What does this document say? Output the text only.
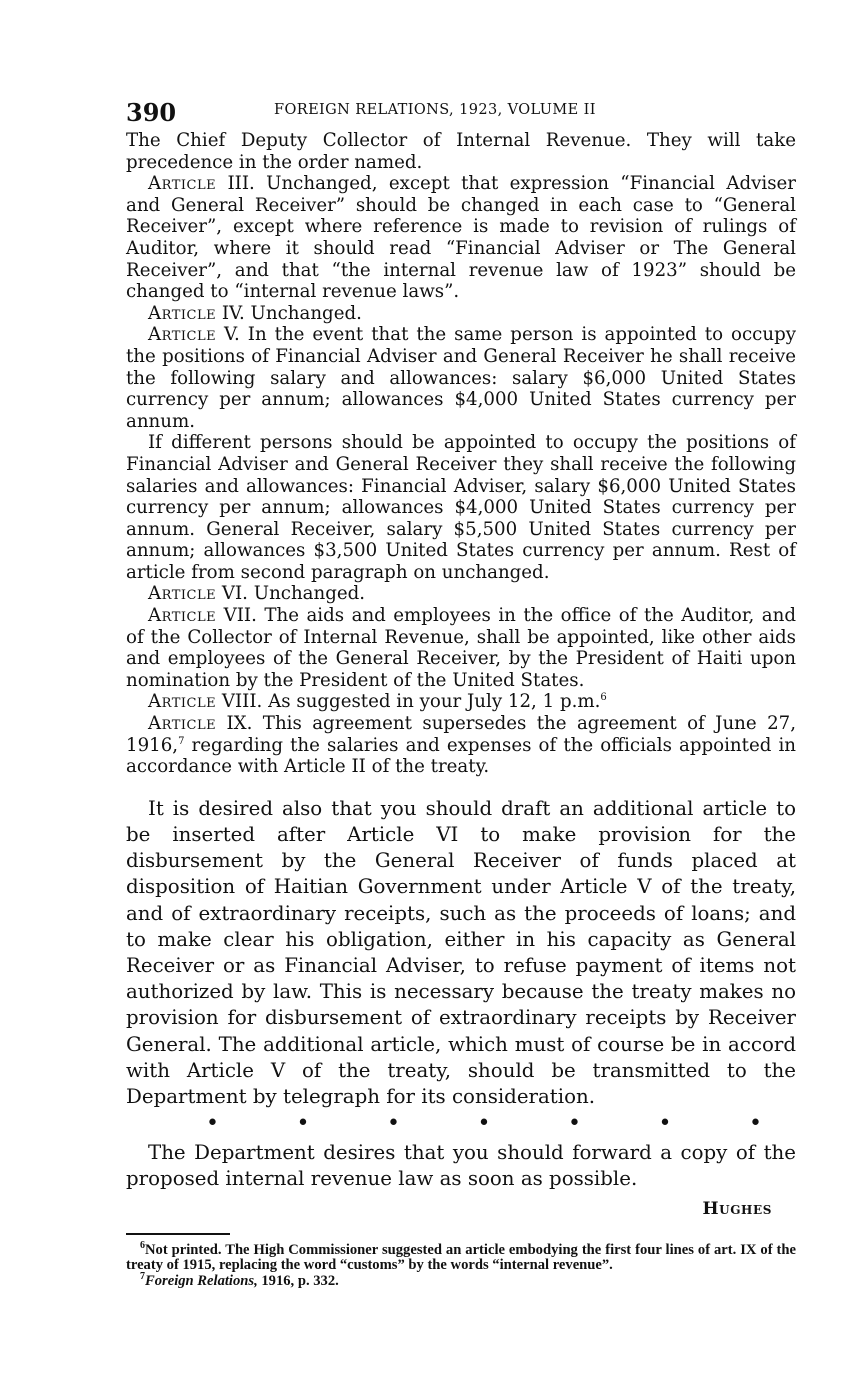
390	FOREIGN RELATIONS, 1923, VOLUME II

The Chief Deputy Collector of Internal Revenue. They will take precedence in the order named.

Article III. Unchanged, except that expression “Financial Adviser and General Receiver” should be changed in each case to “General Receiver”, except where reference is made to revision of rulings of Auditor, where it should read “Financial Adviser or The General Receiver”, and that “the internal revenue law of 1923” should be changed to “internal revenue laws”.

Article IV. Unchanged.

Article V. In the event that the same person is appointed to occupy the positions of Financial Adviser and General Receiver he shall receive the following salary and allowances: salary $6,000 United States currency per annum; allowances $4,000 United States currency per annum.

If different persons should be appointed to occupy the positions of Financial Adviser and General Receiver they shall receive the following salaries and allowances: Financial Adviser, salary $6,000 United States currency per annum; allowances $4,000 United States currency per annum. General Receiver, salary $5,500 United States currency per annum; allowances $3,500 United States currency per annum. Rest of article from second paragraph on unchanged.

Article VI. Unchanged.

Article VII. The aids and employees in the office of the Auditor, and of the Collector of Internal Revenue, shall be appointed, like other aids and employees of the General Receiver, by the President of Haiti upon nomination by the President of the United States.

Article VIII. As suggested in your July 12, 1 p.m.$^6$

Article IX. This agreement supersedes the agreement of June 27, 1916,$^7$ regarding the salaries and expenses of the officials appointed in accordance with Article II of the treaty.

It is desired also that you should draft an additional article to be inserted after Article VI to make provision for the disbursement by the General Receiver of funds placed at disposition of Haitian Government under Article V of the treaty, and of extraordinary receipts, such as the proceeds of loans; and to make clear his obligation, either in his capacity as General Receiver or as Financial Adviser, to refuse payment of items not authorized by law. This is necessary because the treaty makes no provision for disbursement of extraordinary receipts by Receiver General. The additional article, which must of course be in accord with Article V of the treaty, should be transmitted to the Department by telegraph for its consideration.

•	•	•	•	•	•	•

The Department desires that you should forward a copy of the proposed internal revenue law as soon as possible.

Hughes

$^6$Not printed. The High Commissioner suggested an article embodying the first four lines of art. IX of the treaty of 1915, replacing the word “customs” by the words “internal revenue”.

$^7$Foreign Relations, 1916, p. 332.
